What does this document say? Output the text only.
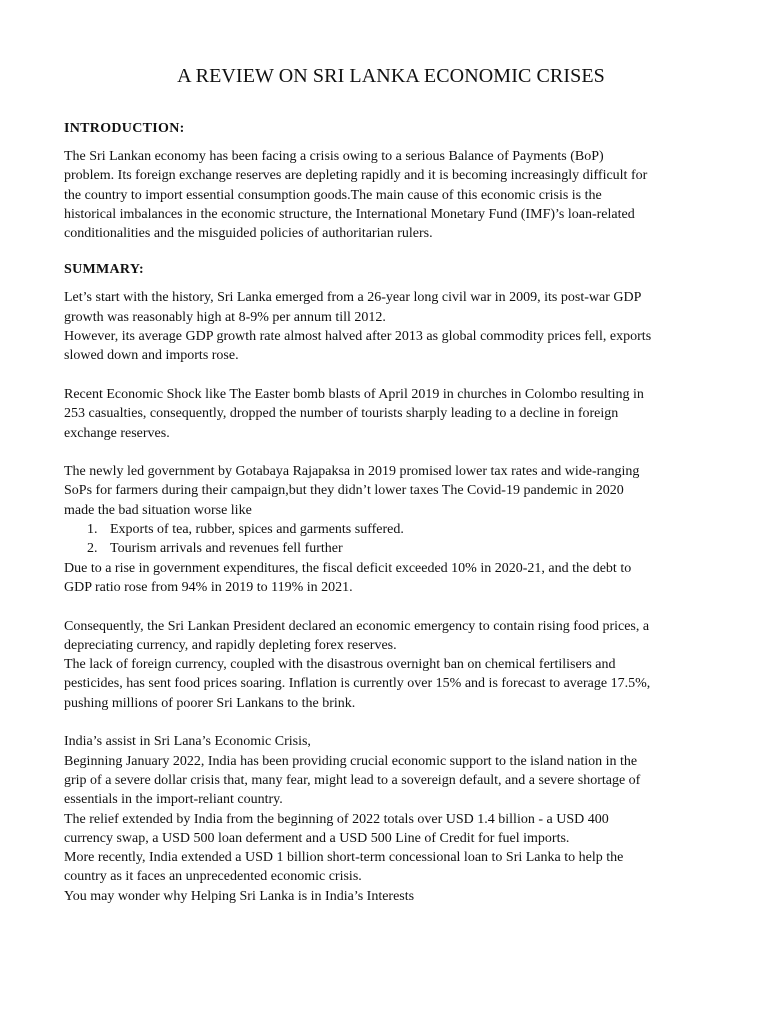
A REVIEW ON SRI LANKA ECONOMIC CRISES
INTRODUCTION:
The Sri Lankan economy has been facing a crisis owing to a serious Balance of Payments (BoP)
problem. Its foreign exchange reserves are depleting rapidly and it is becoming increasingly difficult for
the country to import essential consumption goods.The main cause of this economic crisis is the
historical imbalances in the economic structure, the International Monetary Fund (IMF)’s loan-related
conditionalities and the misguided policies of authoritarian rulers.
SUMMARY:
Let’s start with the history, Sri Lanka emerged from a 26-year long civil war in 2009, its post-war GDP
growth was reasonably high at 8-9% per annum till 2012.
However, its average GDP growth rate almost halved after 2013 as global commodity prices fell, exports
slowed down and imports rose.
Recent Economic Shock like The Easter bomb blasts of April 2019 in churches in Colombo resulting in
253 casualties, consequently, dropped the number of tourists sharply leading to a decline in foreign
exchange reserves.
The newly led government by Gotabaya Rajapaksa in 2019 promised lower tax rates and wide-ranging
SoPs for farmers during their campaign,but they didn’t lower taxes The Covid-19 pandemic in 2020
made the bad situation worse like
1. Exports of tea, rubber, spices and garments suffered.
2. Tourism arrivals and revenues fell further
Due to a rise in government expenditures, the fiscal deficit exceeded 10% in 2020-21, and the debt to
GDP ratio rose from 94% in 2019 to 119% in 2021.
Consequently, the Sri Lankan President declared an economic emergency to contain rising food prices, a
depreciating currency, and rapidly depleting forex reserves.
The lack of foreign currency, coupled with the disastrous overnight ban on chemical fertilisers and
pesticides, has sent food prices soaring. Inflation is currently over 15% and is forecast to average 17.5%,
pushing millions of poorer Sri Lankans to the brink.
India’s assist in Sri Lana’s Economic Crisis,
Beginning January 2022, India has been providing crucial economic support to the island nation in the
grip of a severe dollar crisis that, many fear, might lead to a sovereign default, and a severe shortage of
essentials in the import-reliant country.
The relief extended by India from the beginning of 2022 totals over USD 1.4 billion - a USD 400
currency swap, a USD 500 loan deferment and a USD 500 Line of Credit for fuel imports.
More recently, India extended a USD 1 billion short-term concessional loan to Sri Lanka to help the
country as it faces an unprecedented economic crisis.
You may wonder why Helping Sri Lanka is in India’s Interests
